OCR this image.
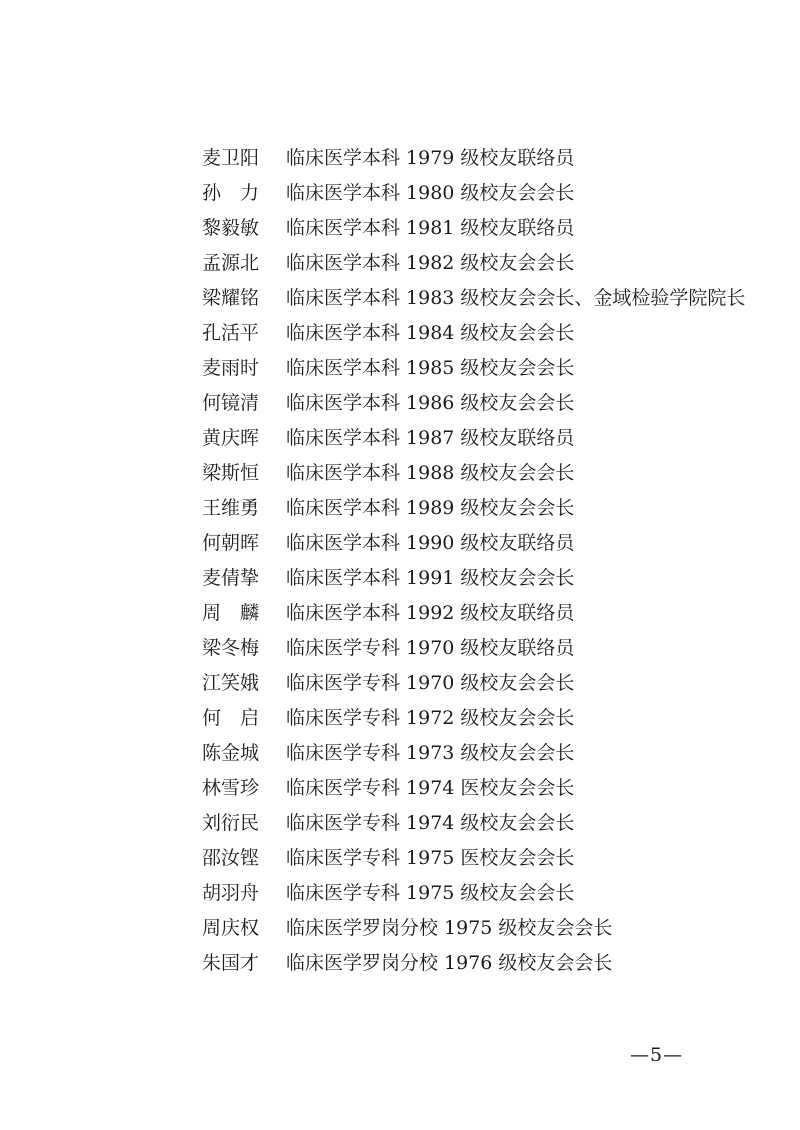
麦卫阳	临床医学本科 1979 级校友联络员
孙　力	临床医学本科 1980 级校友会会长
黎毅敏	临床医学本科 1981 级校友联络员
孟源北	临床医学本科 1982 级校友会会长
梁耀铭	临床医学本科 1983 级校友会会长、金域检验学院院长
孔活平	临床医学本科 1984 级校友会会长
麦雨时	临床医学本科 1985 级校友会会长
何镜清	临床医学本科 1986 级校友会会长
黄庆晖	临床医学本科 1987 级校友联络员
梁斯恒	临床医学本科 1988 级校友会会长
王维勇	临床医学本科 1989 级校友会会长
何朝晖	临床医学本科 1990 级校友联络员
麦倩挚	临床医学本科 1991 级校友会会长
周　麟	临床医学本科 1992 级校友联络员
梁冬梅	临床医学专科 1970 级校友联络员
江笑娥	临床医学专科 1970 级校友会会长
何　启	临床医学专科 1972 级校友会会长
陈金城	临床医学专科 1973 级校友会会长
林雪珍	临床医学专科 1974 医校友会会长
刘衍民	临床医学专科 1974 级校友会会长
邵汝铿	临床医学专科 1975 医校友会会长
胡羽舟	临床医学专科 1975 级校友会会长
周庆权	临床医学罗岗分校 1975 级校友会会长
朱国才	临床医学罗岗分校 1976 级校友会会长
—5—
